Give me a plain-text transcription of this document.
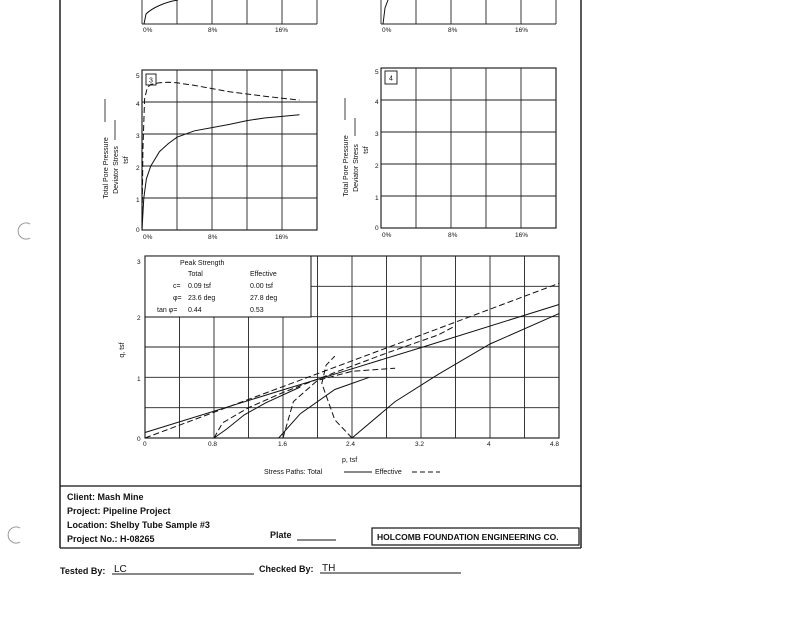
0%	8%	16%	0%	8%	16%
3
5
4
3
2
1
0
0%	8%	16%
Total Pore Pressure Deviator Stress tsf
4
5
4
3
2
1
0
0%	8%	16%
Total Pore Pressure Deviator Stress tsf
Peak Strength
Total	Effective
c= 0.09 tsf	0.00 tsf
φ= 23.6 deg	27.8 deg
tan φ= 0.44	0.53
3
2
1
0
0	0.8	1.6	2.4	3.2	4	4.8
q, tsf
p, tsf
Stress Paths: Total	Effective
Client: Mash Mine
Project: Pipeline Project
Location: Shelby Tube Sample #3
Project No.: H-08265	Plate	HOLCOMB FOUNDATION ENGINEERING CO.
Tested By: LC	Checked By: TH
